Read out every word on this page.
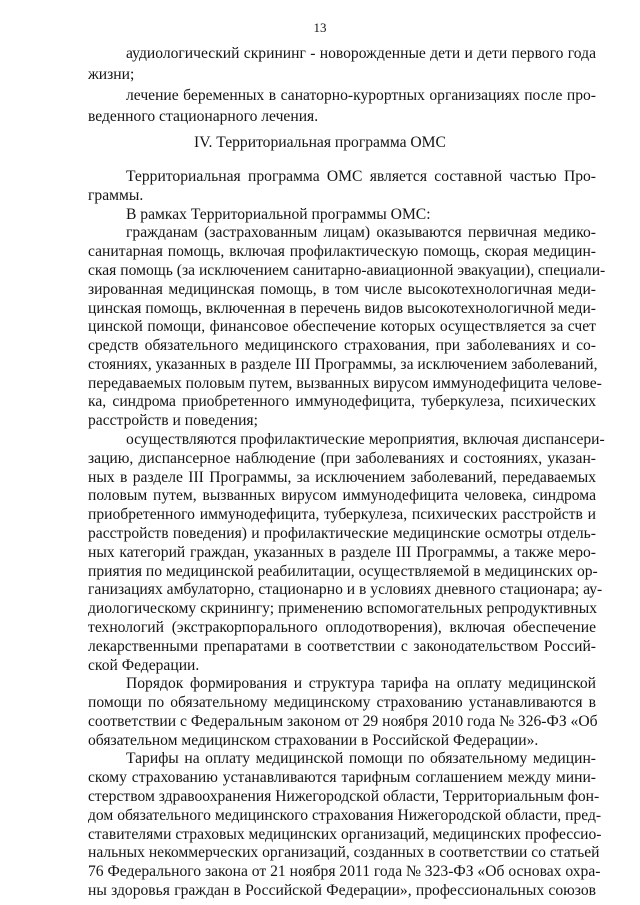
13
аудиологический скрининг - новорожденные дети и дети первого года
жизни;
лечение беременных в санаторно-курортных организациях после про-
веденного стационарного лечения.
IV. Территориальная программа ОМС
Территориальная программа ОМС является составной частью Про-
граммы.
В рамках Территориальной программы ОМС:
гражданам (застрахованным лицам) оказываются первичная медико-
санитарная помощь, включая профилактическую помощь, скорая медицин-
ская помощь (за исключением санитарно-авиационной эвакуации), специали-
зированная медицинская помощь, в том числе высокотехнологичная меди-
цинская помощь, включенная в перечень видов высокотехнологичной меди-
цинской помощи, финансовое обеспечение которых осуществляется за счет
средств обязательного медицинского страхования, при заболеваниях и со-
стояниях, указанных в разделе III Программы, за исключением заболеваний,
передаваемых половым путем, вызванных вирусом иммунодефицита челове-
ка, синдрома приобретенного иммунодефицита, туберкулеза, психических
расстройств и поведения;
осуществляются профилактические мероприятия, включая диспансери-
зацию, диспансерное наблюдение (при заболеваниях и состояниях, указан-
ных в разделе III Программы, за исключением заболеваний, передаваемых
половым путем, вызванных вирусом иммунодефицита человека, синдрома
приобретенного иммунодефицита, туберкулеза, психических расстройств и
расстройств поведения) и профилактические медицинские осмотры отдель-
ных категорий граждан, указанных в разделе III Программы, а также меро-
приятия по медицинской реабилитации, осуществляемой в медицинских ор-
ганизациях амбулаторно, стационарно и в условиях дневного стационара; ау-
диологическому скринингу; применению вспомогательных репродуктивных
технологий (экстракорпорального оплодотворения), включая обеспечение
лекарственными препаратами в соответствии с законодательством Россий-
ской Федерации.
Порядок формирования и структура тарифа на оплату медицинской
помощи по обязательному медицинскому страхованию устанавливаются в
соответствии с Федеральным законом от 29 ноября 2010 года № 326-ФЗ «Об
обязательном медицинском страховании в Российской Федерации».
Тарифы на оплату медицинской помощи по обязательному медицин-
скому страхованию устанавливаются тарифным соглашением между мини-
стерством здравоохранения Нижегородской области, Территориальным фон-
дом обязательного медицинского страхования Нижегородской области, пред-
ставителями страховых медицинских организаций, медицинских профессио-
нальных некоммерческих организаций, созданных в соответствии со статьей
76 Федерального закона от 21 ноября 2011 года № 323-ФЗ «Об основах охра-
ны здоровья граждан в Российской Федерации», профессиональных союзов
